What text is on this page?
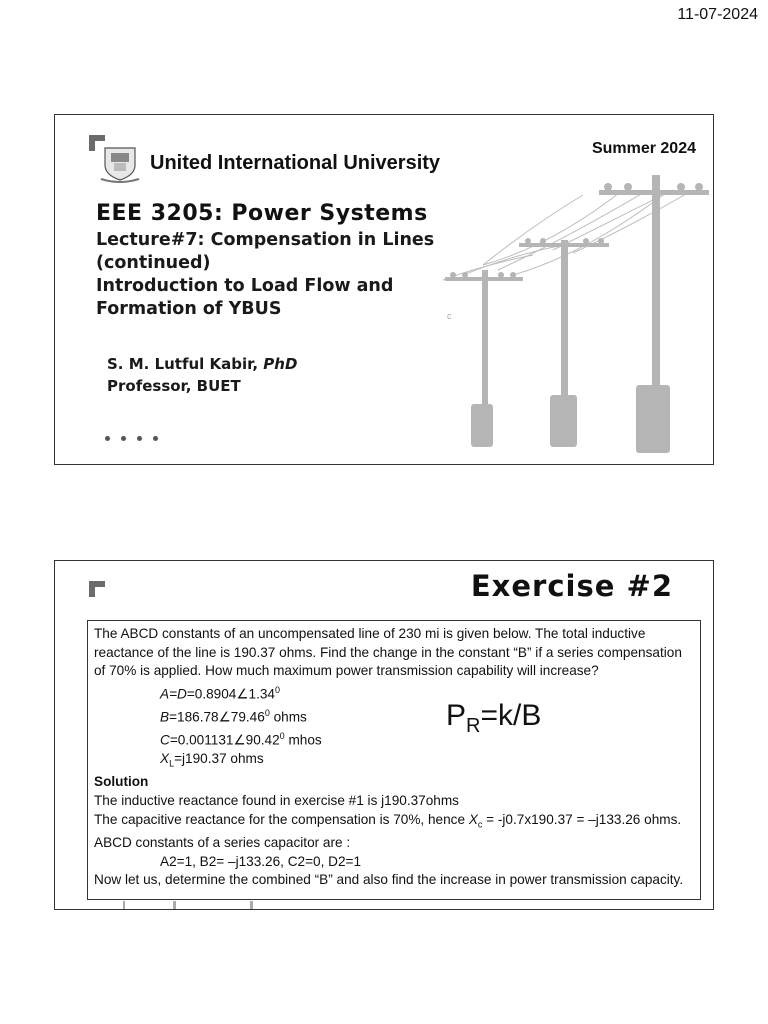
11-07-2024
United International University
Summer 2024
EEE 3205: Power Systems
Lecture#7: Compensation in Lines
(continued)
Introduction to Load Flow and
Formation of YBUS	c
S. M. Lutful Kabir, PhD
Professor, BUET
Exercise #2
The ABCD constants of an uncompensated line of 230 mi is given below. The total inductive reactance of the line is 190.37 ohms. Find the change in the constant “B” if a series compensation of 70% is applied. How much maximum power transmission capability will increase?
$A=D=0.8904\angle 1.34^0$
$B=186.78\angle 79.46^0$ ohms
$C=0.001131\angle 90.42^0$ mhos
$X_L=j190.37$ ohms
Solution
The inductive reactance found in exercise #1 is j190.37ohms
The capacitive reactance for the compensation is 70%, hence $X_c = -j0.7x190.37 = -j133.26$ ohms.
ABCD constants of a series capacitor are :
A2=1, B2= –j133.26, C2=0, D2=1
Now let us, determine the combined “B” and also find the increase in power transmission capacity.
$P_R=k/B$
